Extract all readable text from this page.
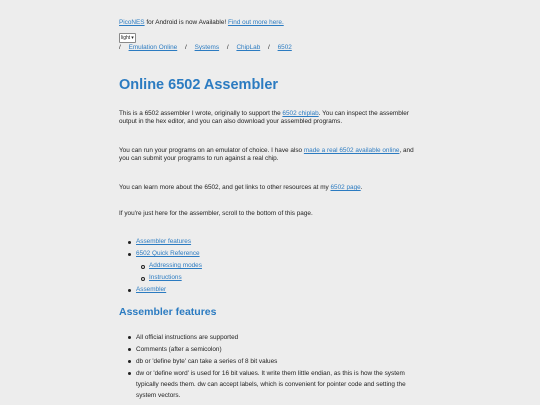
PicoNES for Android is now Available! Find out more here.
light ▾
/ Emulation Online / Systems / ChipLab / 6502
Online 6502 Assembler

This is a 6502 assembler I wrote, originally to support the 6502 chiplab. You can inspect the assembler output in the hex editor, and you can also download your assembled programs.

You can run your programs on an emulator of choice. I have also made a real 6502 available online, and you can submit your programs to run against a real chip.

You can learn more about the 6502, and get links to other resources at my 6502 page.

If you're just here for the assembler, scroll to the bottom of this page.

Assembler features
6502 Quick Reference
Addressing modes
Instructions
Assembler
Assembler features
All official instructions are supported
Comments (after a semicolon)
db or 'define byte' can take a series of 8 bit values
dw or 'define word' is used for 16 bit values. It write them little endian, as this is how the system typically needs them. dw can accept labels, which is convenient for pointer code and setting the system vectors.
